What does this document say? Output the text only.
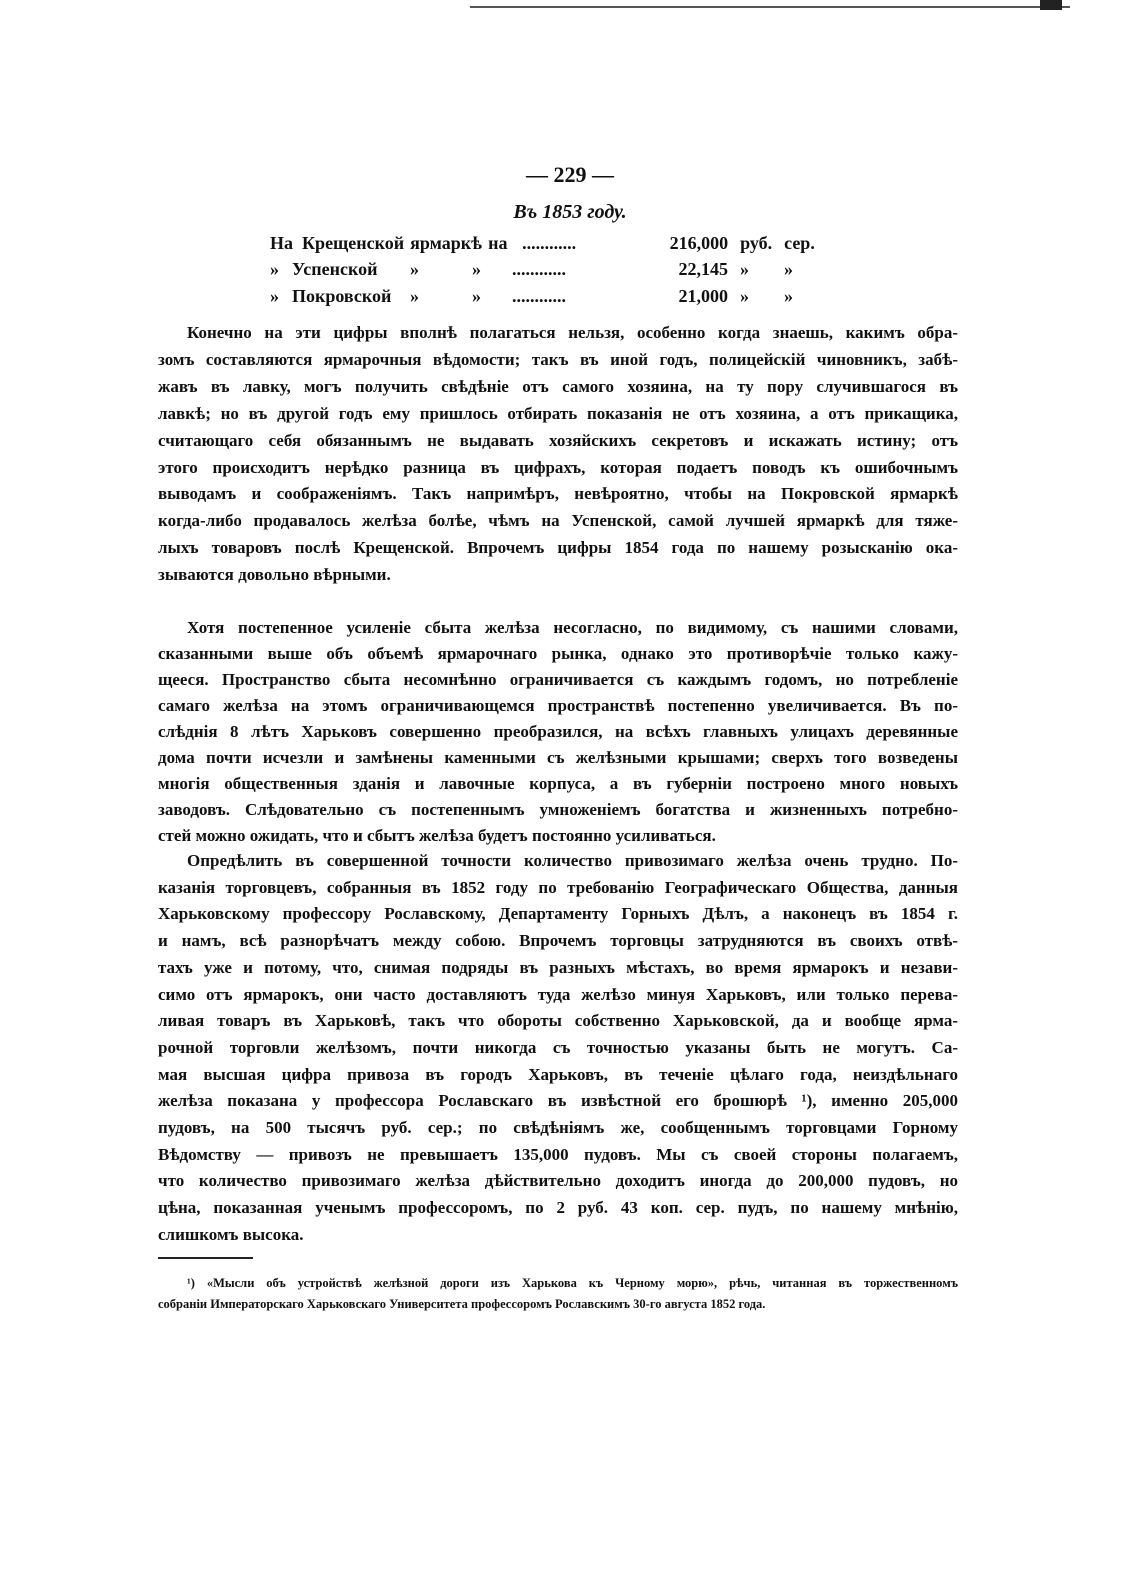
— 229 —
Въ 1853 году.
На Крещенской ярмаркѣ на ............	216,000 руб. сер.
» Успенской	»	»	............	22,145 »	»
» Покровской	»	»	............	21,000 »	»
Конечно на эти цифры вполнѣ полагаться нельзя, особенно когда знаешь, какимъ обра-
зомъ составляются ярмарочныя вѣдомости; такъ въ иной годъ, полицейскій чиновникъ, забѣ-
жавъ въ лавку, могъ получить свѣдѣніе отъ самого хозяина, на ту пору случившагося въ
лавкѣ; но въ другой годъ ему пришлось отбирать показанія не отъ хозяина, а отъ прикащика,
считающаго себя обязаннымъ не выдавать хозяйскихъ секретовъ и искажать истину; отъ
этого происходитъ нерѣдко разница въ цифрахъ, которая подаетъ поводъ къ ошибочнымъ
выводамъ и соображеніямъ. Такъ напримѣръ, невѣроятно, чтобы на Покровской ярмаркѣ
когда-либо продавалось желѣза болѣе, чѣмъ на Успенской, самой лучшей ярмаркѣ для тяже-
лыхъ товаровъ послѣ Крещенской. Впрочемъ цифры 1854 года по нашему розысканію ока-
зываются довольно вѣрными.
Хотя постепенное усиленіе сбыта желѣза несогласно, по видимому, съ нашими словами,
сказанными выше объ объемѣ ярмарочнаго рынка, однако это противорѣчіе только кажу-
щееся. Пространство сбыта несомнѣнно ограничивается съ каждымъ годомъ, но потребленіе
самаго желѣза на этомъ ограничивающемся пространствѣ постепенно увеличивается. Въ по-
слѣднія 8 лѣтъ Харьковъ совершенно преобразился, на всѣхъ главныхъ улицахъ деревянные
дома почти исчезли и замѣнены каменными съ желѣзными крышами; сверхъ того возведены
многія общественныя зданія и лавочные корпуса, а въ губерніи построено много новыхъ
заводовъ. Слѣдовательно съ постепеннымъ умноженіемъ богатства и жизненныхъ потребно-
стей можно ожидать, что и сбытъ желѣза будетъ постоянно усиливаться.
Опредѣлить въ совершенной точности количество привозимаго желѣза очень трудно. По-
казанія торговцевъ, собранныя въ 1852 году по требованію Географическаго Общества, данныя
Харьковскому профессору Рославскому, Департаменту Горныхъ Дѣлъ, а наконецъ въ 1854 г.
и намъ, всѣ разнорѣчатъ между собою. Впрочемъ торговцы затрудняются въ своихъ отвѣ-
тахъ уже и потому, что, снимая подряды въ разныхъ мѣстахъ, во время ярмарокъ и незави-
симо отъ ярмарокъ, они часто доставляютъ туда желѣзо минуя Харьковъ, или только перева-
ливая товаръ въ Харьковѣ, такъ что обороты собственно Харьковской, да и вообще ярма-
рочной торговли желѣзомъ, почти никогда съ точностью указаны быть не могутъ. Са-
мая высшая цифра привоза въ городъ Харьковъ, въ теченіе цѣлаго года, неиздѣльнаго
желѣза показана у профессора Рославскаго въ извѣстной его брошюрѣ ¹), именно 205,000
пудовъ, на 500 тысячъ руб. сер.; по свѣдѣніямъ же, сообщеннымъ торговцами Горному
Вѣдомству — привозъ не превышаетъ 135,000 пудовъ. Мы съ своей стороны полагаемъ,
что количество привозимаго желѣза дѣйствительно доходитъ иногда до 200,000 пудовъ, но
цѣна, показанная ученымъ профессоромъ, по 2 руб. 43 коп. сер. пудъ, по нашему мнѣнію,
слишкомъ высока.
¹) «Мысли объ устройствѣ желѣзной дороги изъ Харькова къ Черному морю», рѣчь, читанная въ торжественномъ
собраніи Императорскаго Харьковскаго Университета профессоромъ Рославскимъ 30-го августа 1852 года.
